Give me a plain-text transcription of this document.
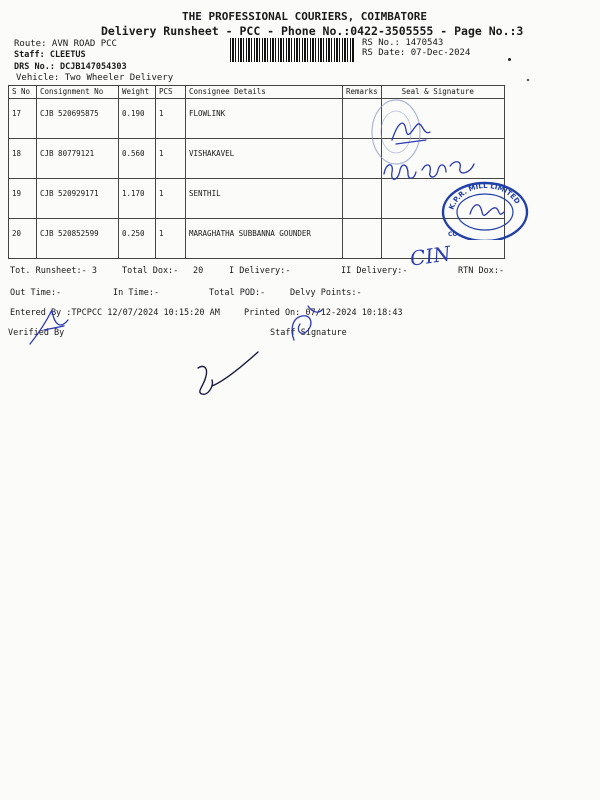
THE PROFESSIONAL COURIERS, COIMBATORE
Delivery Runsheet - PCC - Phone No.:0422-3505555 - Page No.:3
Route: AVN ROAD PCC
Staff: CLEETUS
DRS No.: DCJB147054303
Vehicle: Two Wheeler Delivery
RS No.: 1470543
RS Date: 07-Dec-2024
S No	Consignment No	Weight	PCS	Consignee Details	Remarks	Seal & Signature
17	CJB 520695875	0.190	1	FLOWLINK		
18	CJB 80779121	0.560	1	VISHAKAVEL		
19	CJB 520929171	1.170	1	SENTHIL		
20	CJB 520852599	0.250	1	MARAGHATHA SUBBANNA GOUNDER		
Tot. Runsheet:- 3	Total Dox:- 20	I Delivery:-	II Delivery:-	RTN Dox:-
Out Time:-	In Time:-	Total POD:-	Delvy Points:-
Entered By :TPCPCC 12/07/2024 10:15:20 AM	Printed On: 07/12-2024 10:18:43
Verified By	Staff Signature
CIN
K.P.R. MILL LIMITED
CO
